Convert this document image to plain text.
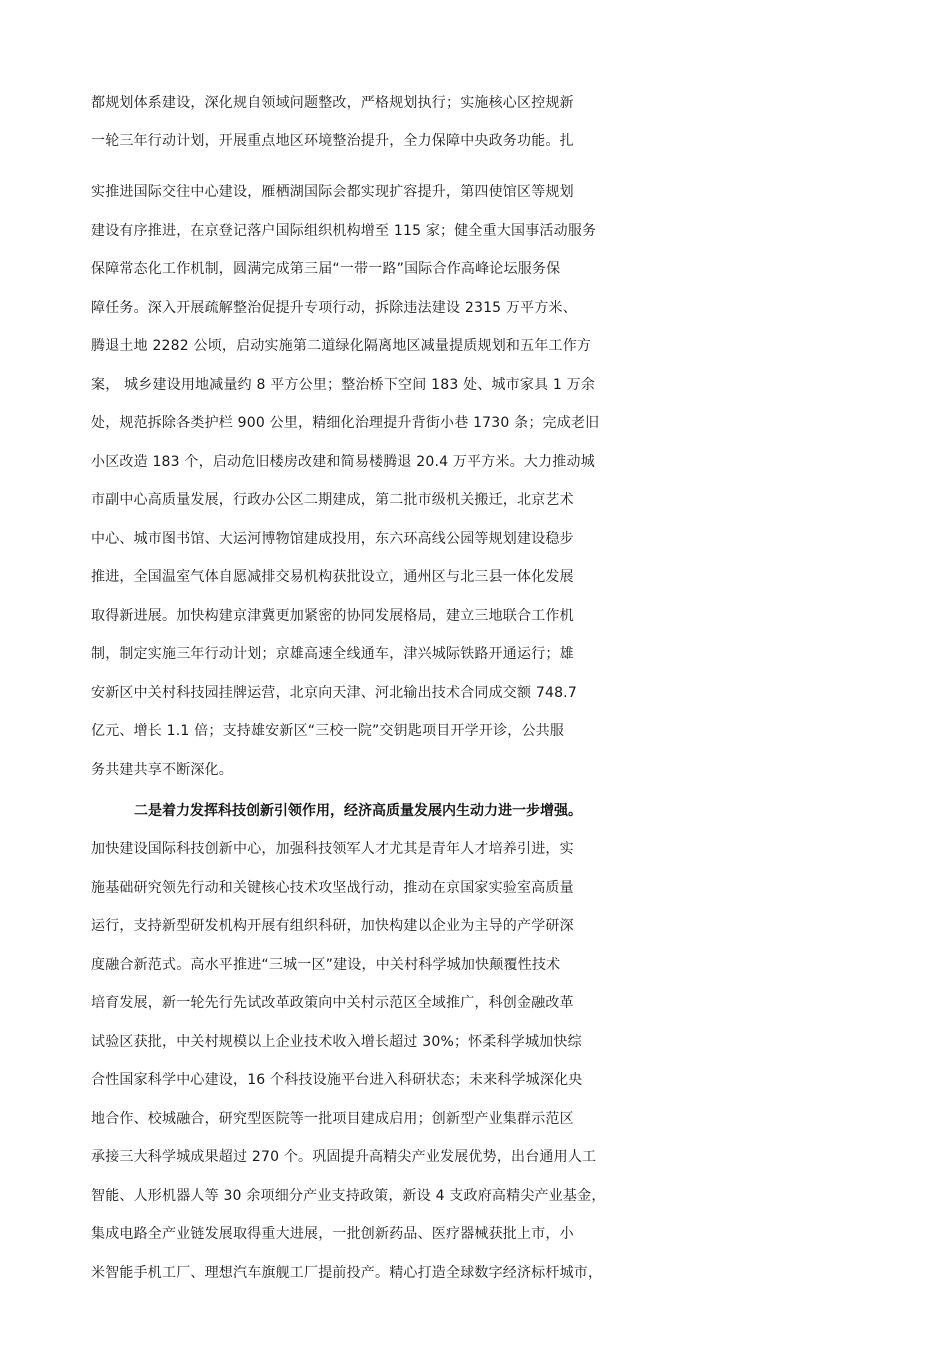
都规划体系建设，深化规自领域问题整改，严格规划执行；实施核心区控规新
一轮三年行动计划，开展重点地区环境整治提升，全力保障中央政务功能。扎
实推进国际交往中心建设，雁栖湖国际会都实现扩容提升，第四使馆区等规划
建设有序推进，在京登记落户国际组织机构增至 115 家；健全重大国事活动服务
保障常态化工作机制，圆满完成第三届“一带一路”国际合作高峰论坛服务保
障任务。深入开展疏解整治促提升专项行动，拆除违法建设 2315 万平方米、
腾退土地 2282 公顷，启动实施第二道绿化隔离地区减量提质规划和五年工作方
案， 城乡建设用地减量约 8 平方公里；整治桥下空间 183 处、城市家具 1 万余
处，规范拆除各类护栏 900 公里，精细化治理提升背街小巷 1730 条；完成老旧
小区改造 183 个，启动危旧楼房改建和简易楼腾退 20.4 万平方米。大力推动城
市副中心高质量发展，行政办公区二期建成，第二批市级机关搬迁，北京艺术
中心、城市图书馆、大运河博物馆建成投用，东六环高线公园等规划建设稳步
推进，全国温室气体自愿减排交易机构获批设立，通州区与北三县一体化发展
取得新进展。加快构建京津冀更加紧密的协同发展格局，建立三地联合工作机
制，制定实施三年行动计划；京雄高速全线通车，津兴城际铁路开通运行；雄
安新区中关村科技园挂牌运营，北京向天津、河北输出技术合同成交额 748.7
亿元、增长 1.1 倍；支持雄安新区“三校一院”交钥匙项目开学开诊，公共服
务共建共享不断深化。
二是着力发挥科技创新引领作用，经济高质量发展内生动力进一步增强。
加快建设国际科技创新中心，加强科技领军人才尤其是青年人才培养引进，实
施基础研究领先行动和关键核心技术攻坚战行动，推动在京国家实验室高质量
运行，支持新型研发机构开展有组织科研，加快构建以企业为主导的产学研深
度融合新范式。高水平推进“三城一区”建设，中关村科学城加快颠覆性技术
培育发展，新一轮先行先试改革政策向中关村示范区全域推广，科创金融改革
试验区获批，中关村规模以上企业技术收入增长超过 30%；怀柔科学城加快综
合性国家科学中心建设，16 个科技设施平台进入科研状态；未来科学城深化央
地合作、校城融合，研究型医院等一批项目建成启用；创新型产业集群示范区
承接三大科学城成果超过 270 个。巩固提升高精尖产业发展优势，出台通用人工
智能、人形机器人等 30 余项细分产业支持政策，新设 4 支政府高精尖产业基金，
集成电路全产业链发展取得重大进展，一批创新药品、医疗器械获批上市，小
米智能手机工厂、理想汽车旗舰工厂提前投产。精心打造全球数字经济标杆城市，
